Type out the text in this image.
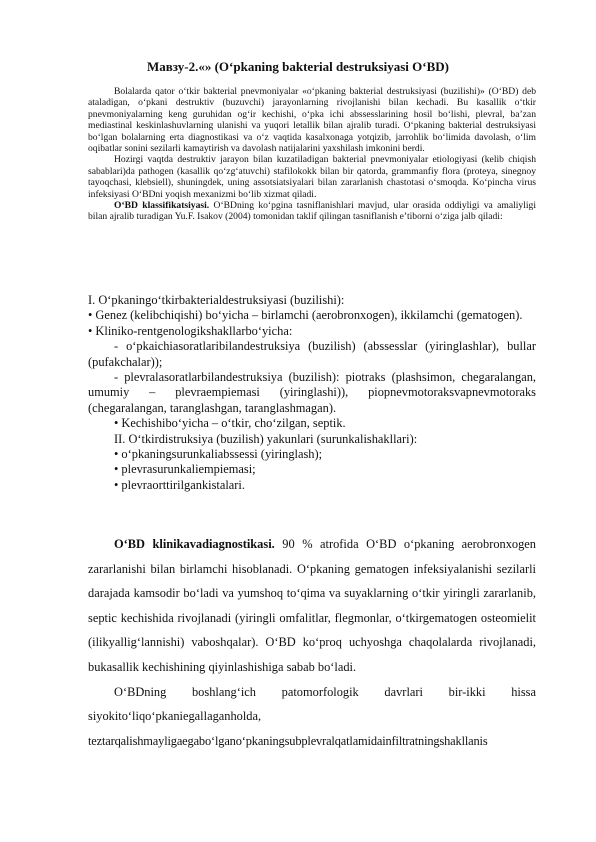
Мавзу-2.«» (O‘pkaning bakterial destruksiyasi O‘BD)

Bolalarda qator o‘tkir bakterial pnevmoniyalar «o‘pkaning bakterial destruksiyasi (buzilishi)» (O‘BD) deb ataladigan, o‘pkani destruktiv (buzuvchi) jarayonlarning rivojlanishi bilan kechadi. Bu kasallik o‘tkir pnevmoniyalarning keng guruhidan og‘ir kechishi, o‘pka ichi abssesslarining hosil bo‘lishi, plevral, ba’zan mediastinal keskinlashuvlarning ulanishi va yuqori letallik bilan ajralib turadi. O‘pkaning bakterial destruksiyasi bo‘lgan bolalarning erta diagnostikasi va o‘z vaqtida kasalxonaga yotqizib, jarrohlik bo‘limida davolash, o‘lim oqibatlar sonini sezilarli kamaytirish va davolash natijalarini yaxshilash imkonini berdi.

Hozirgi vaqtda destruktiv jarayon bilan kuzatiladigan bakterial pnevmoniyalar etiologiyasi (kelib chiqish sabablari)da pathogen (kasallik qo‘zg‘atuvchi) stafilokokk bilan bir qatorda, grammanfiy flora (proteya, sinegnoy tayoqchasi, klebsiell), shuningdek, uning assotsiatsiyalari bilan zararlanish chastotasi o‘smoqda. Ko‘pincha virus infeksiyasi O‘BDni yoqish mexanizmi bo‘lib xizmat qiladi.

O‘BD klassifikatsiyasi. O‘BDning ko‘pgina tasniflanishlari mavjud, ular orasida oddiyligi va amaliyligi bilan ajralib turadigan Yu.F. Isakov (2004) tomonidan taklif qilingan tasniflanish e’tiborni o‘ziga jalb qiladi:

I. O‘pkaningo‘tkirbakterialdestruksiyasi (buzilishi):

• Genez (kelibchiqishi) bo‘yicha – birlamchi (aerobronxogen), ikkilamchi (gematogen).

• Kliniko-rentgenologikshakllarbo‘yicha:

- o‘pkaichiasoratlaribilandestruksiya (buzilish) (abssesslar (yiringlashlar), bullar (pufakchalar));

- plevralasoratlarbilandestruksiya (buzilish): piotraks (plashsimon, chegaralangan, umumiy – plevraempiemasi (yiringlashi)), piopnevmotoraksvapnevmotoraks (chegaralangan, taranglashgan, taranglashmagan).

• Kechishibo‘yicha – o‘tkir, cho‘zilgan, septik.

II. O‘tkirdistruksiya (buzilish) yakunlari (surunkalishakllari):

• o‘pkaningsurunkaliabssessi (yiringlash);

• plevrasurunkaliempiemasi;

• plevraorttirilgankistalari.

O‘BD klinikavadiagnostikasi. 90 % atrofida O‘BD o‘pkaning aerobronxogen zararlanishi bilan birlamchi hisoblanadi. O‘pkaning gematogen infeksiyalanishi sezilarli darajada kamsodir bo‘ladi va yumshoq to‘qima va suyaklarning o‘tkir yiringli zararlanib, septic kechishida rivojlanadi (yiringli omfalitlar, flegmonlar, o‘tkirgematogen osteomielit (ilikyallig‘lannishi) vaboshqalar). O‘BD ko‘proq uchyoshga chaqolalarda rivojlanadi, bukasallik kechishining qiyinlashishiga sabab bo‘ladi.

O‘BDning boshlang‘ich patomorfologik davrlari bir-ikki hissa siyokito‘liqo‘pkaniegallaganholda,

teztarqalishmayligaegabo‘lganо‘pkaningsubplevralqatlamidainfiltratningshakllanis
